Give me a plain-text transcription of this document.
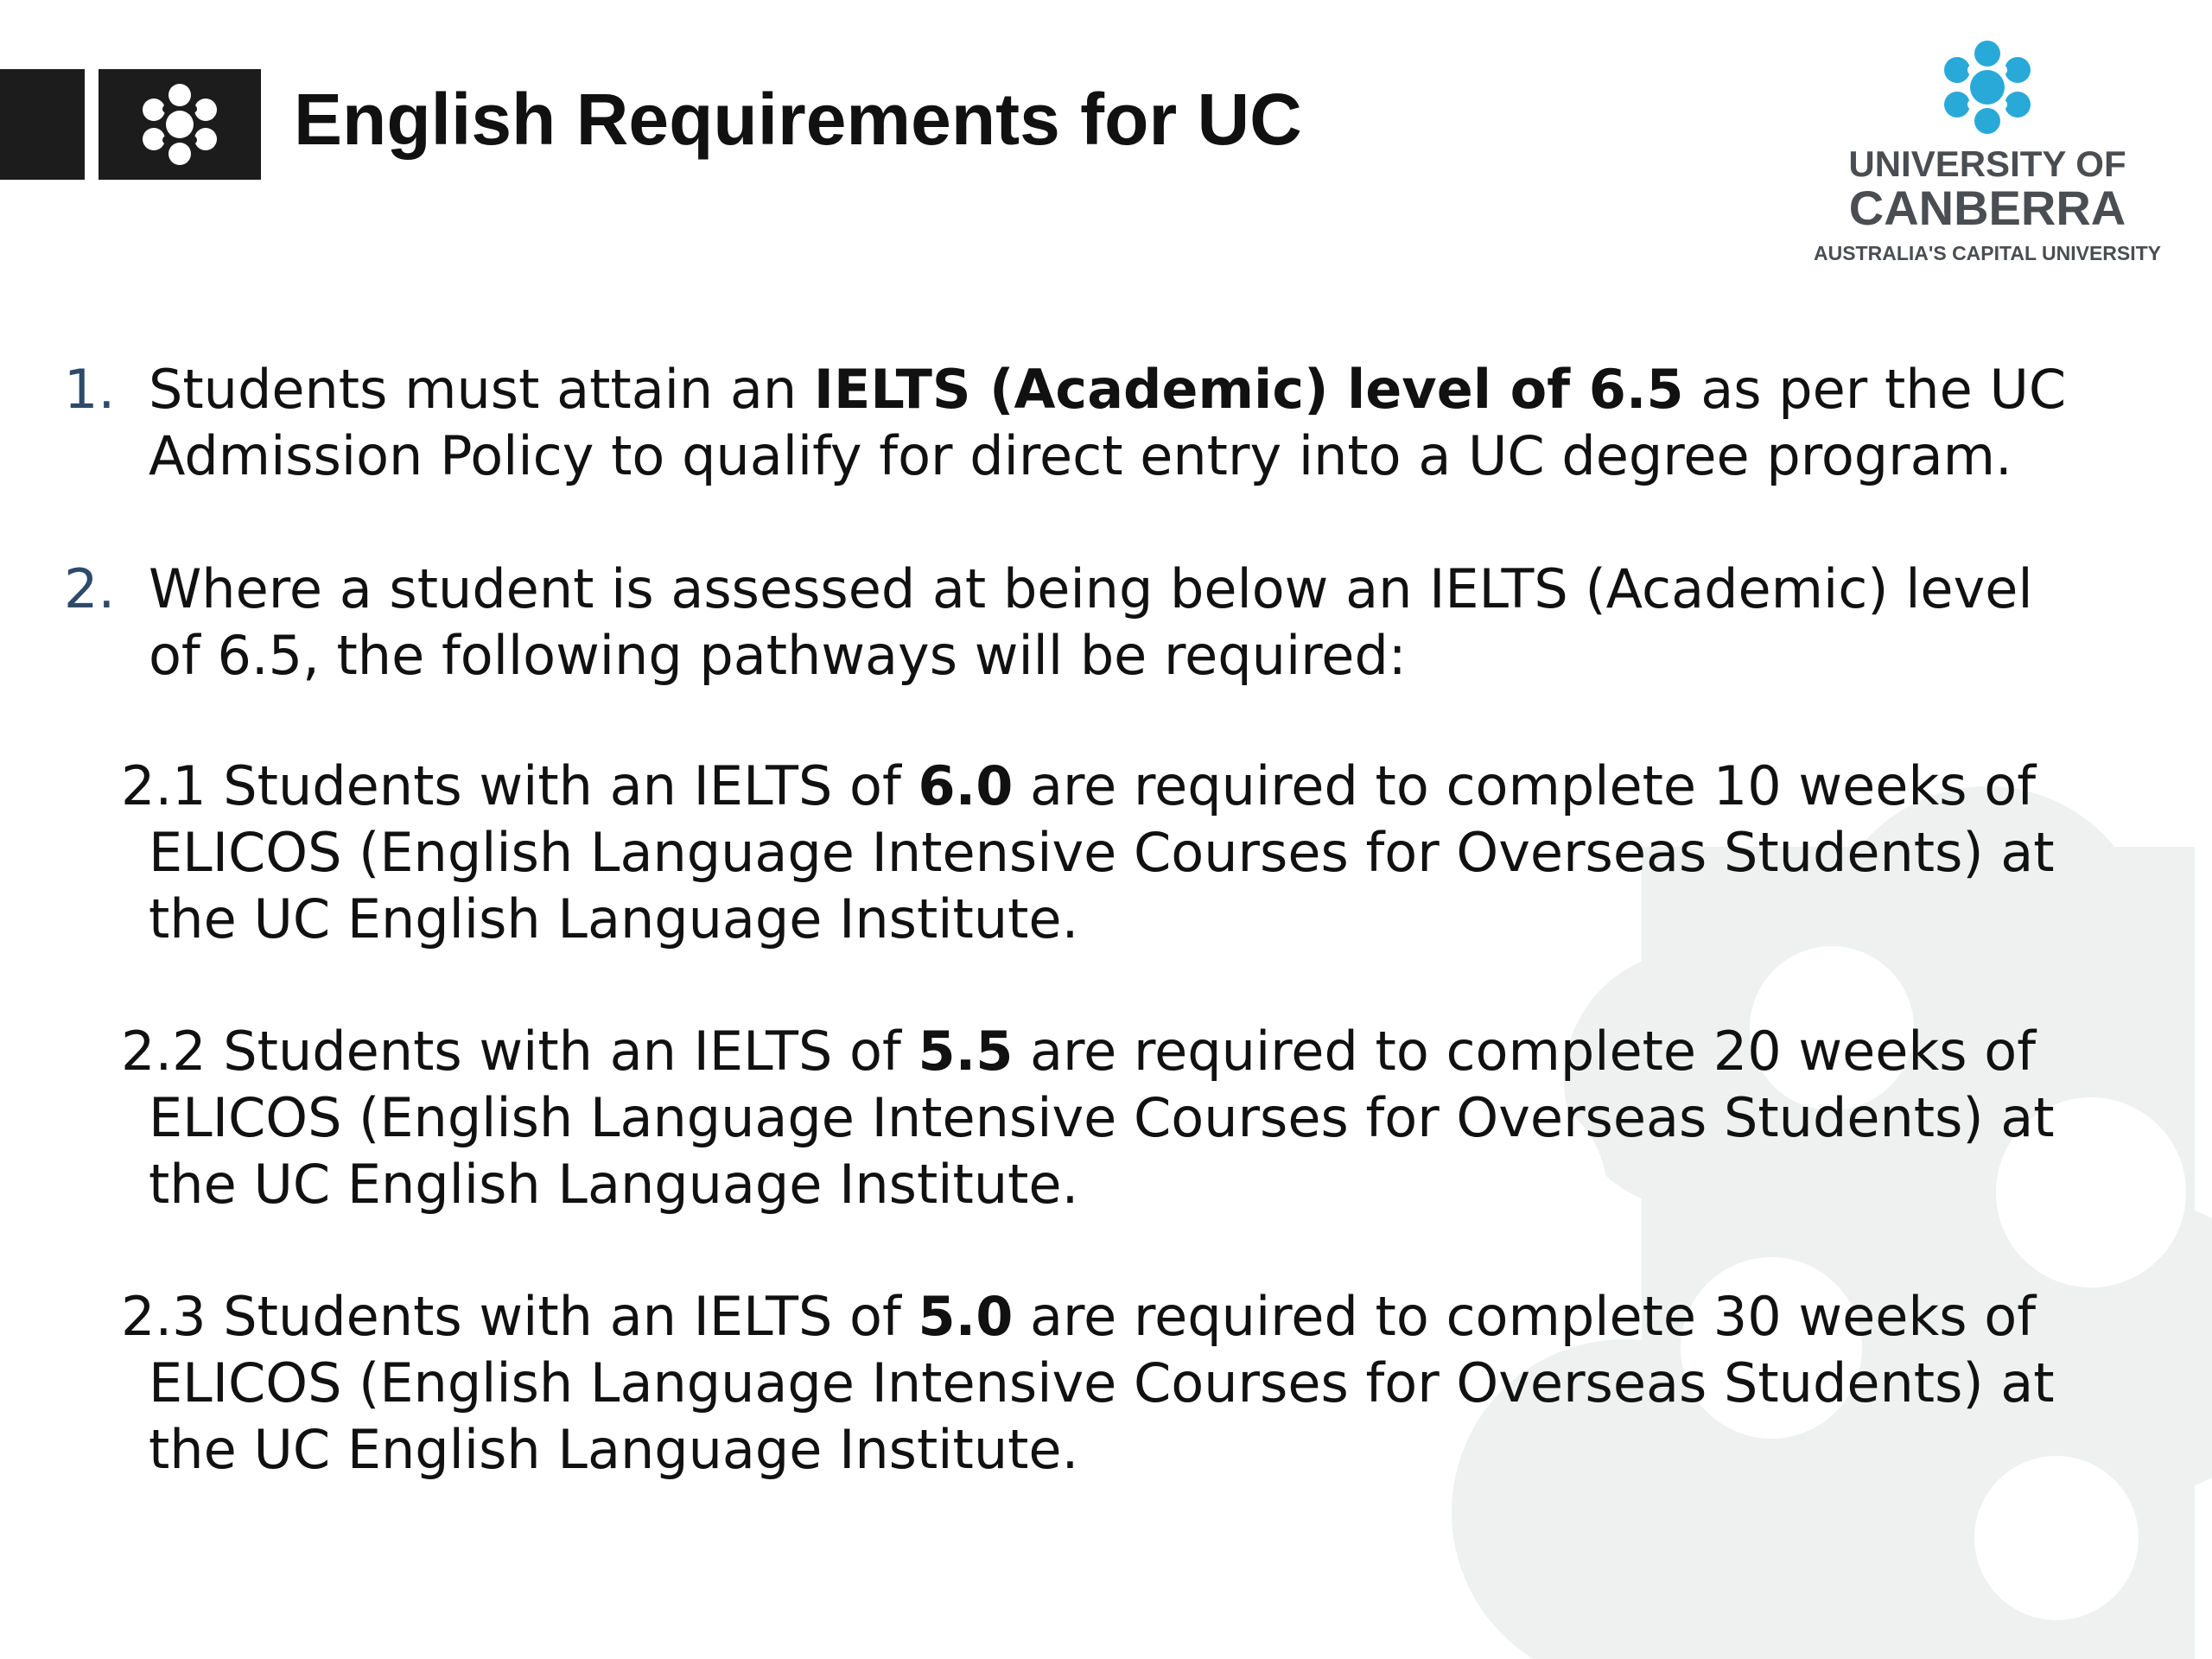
English Requirements for UC
UNIVERSITY OF
CANBERRA
AUSTRALIA'S CAPITAL UNIVERSITY
1. Students must attain an IELTS (Academic) level of 6.5 as per the UC Admission Policy to qualify for direct entry into a UC degree program.
2. Where a student is assessed at being below an IELTS (Academic) level of 6.5, the following pathways will be required:
2.1 Students with an IELTS of 6.0 are required to complete 10 weeks of ELICOS (English Language Intensive Courses for Overseas Students) at the UC English Language Institute.
2.2 Students with an IELTS of 5.5 are required to complete 20 weeks of ELICOS (English Language Intensive Courses for Overseas Students) at the UC English Language Institute.
2.3 Students with an IELTS of 5.0 are required to complete 30 weeks of ELICOS (English Language Intensive Courses for Overseas Students) at the UC English Language Institute.
